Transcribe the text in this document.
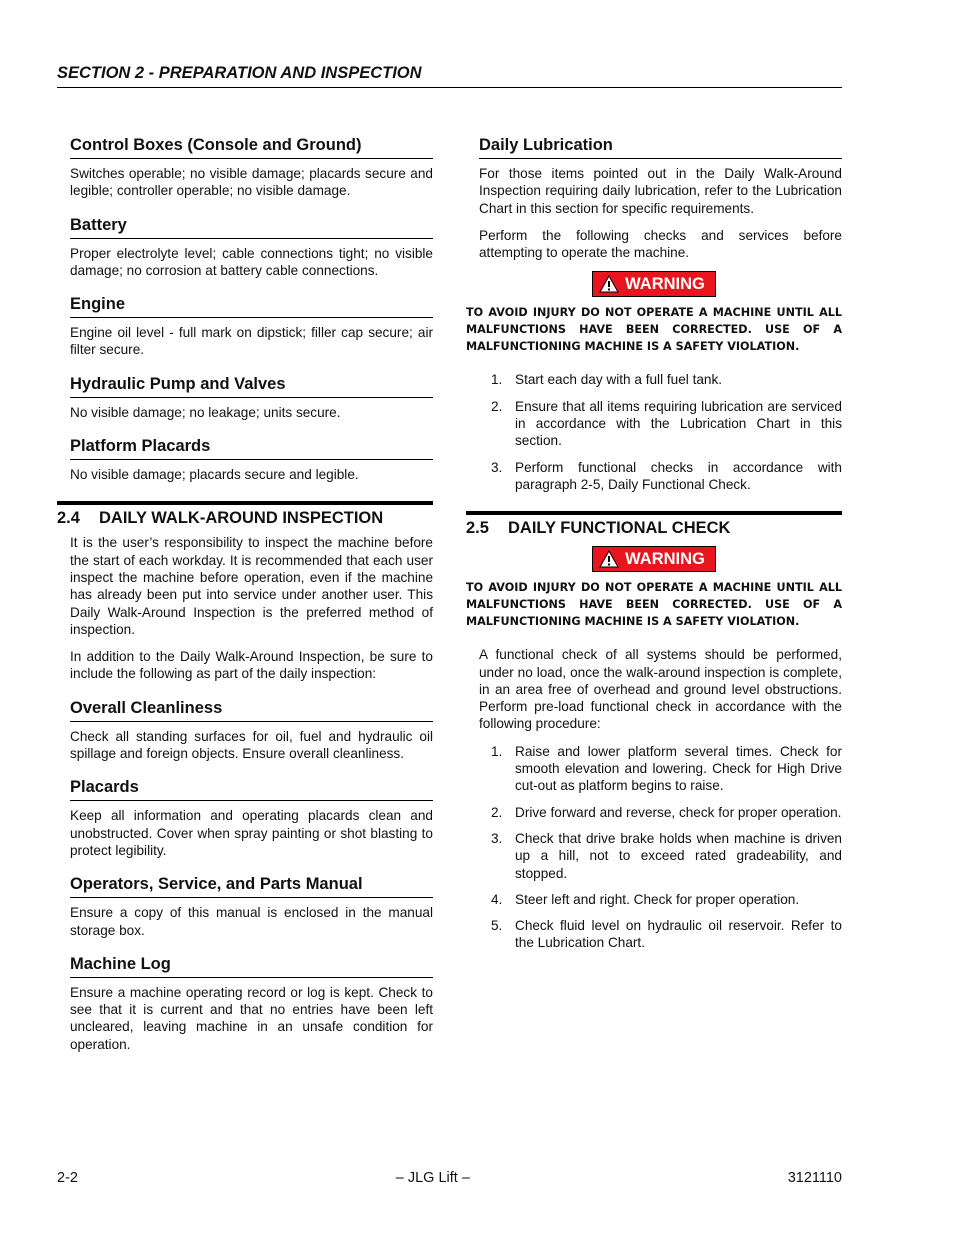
SECTION 2 - PREPARATION AND INSPECTION
Control Boxes (Console and Ground)

Switches operable; no visible damage; placards secure and legible; controller operable; no visible damage.

Battery

Proper electrolyte level; cable connections tight; no visible damage; no corrosion at battery cable connections.

Engine

Engine oil level - full mark on dipstick; filler cap secure; air filter secure.

Hydraulic Pump and Valves

No visible damage; no leakage; units secure.

Platform Placards

No visible damage; placards secure and legible.

2.4	DAILY WALK-AROUND INSPECTION

It is the user’s responsibility to inspect the machine before the start of each workday. It is recommended that each user inspect the machine before operation, even if the machine has already been put into service under another user. This Daily Walk-Around Inspection is the preferred method of inspection.

In addition to the Daily Walk-Around Inspection, be sure to include the following as part of the daily inspection:

Overall Cleanliness

Check all standing surfaces for oil, fuel and hydraulic oil spillage and foreign objects. Ensure overall cleanliness.

Placards

Keep all information and operating placards clean and unobstructed. Cover when spray painting or shot blasting to protect legibility.

Operators, Service, and Parts Manual

Ensure a copy of this manual is enclosed in the manual storage box.

Machine Log

Ensure a machine operating record or log is kept. Check to see that it is current and that no entries have been left uncleared, leaving machine in an unsafe condition for operation.

Daily Lubrication

For those items pointed out in the Daily Walk-Around Inspection requiring daily lubrication, refer to the Lubrication Chart in this section for specific requirements.

Perform the following checks and services before attempting to operate the machine.

WARNING
TO AVOID INJURY DO NOT OPERATE A MACHINE UNTIL ALL MALFUNCTIONS HAVE BEEN CORRECTED. USE OF A MALFUNCTIONING MACHINE IS A SAFETY VIOLATION.
1. Start each day with a full fuel tank.
2. Ensure that all items requiring lubrication are serviced in accordance with the Lubrication Chart in this section.
3. Perform functional checks in accordance with paragraph 2-5, Daily Functional Check.
2.5	DAILY FUNCTIONAL CHECK
WARNING
TO AVOID INJURY DO NOT OPERATE A MACHINE UNTIL ALL MALFUNCTIONS HAVE BEEN CORRECTED. USE OF A MALFUNCTIONING MACHINE IS A SAFETY VIOLATION.

A functional check of all systems should be performed, under no load, once the walk-around inspection is complete, in an area free of overhead and ground level obstructions. Perform pre-load functional check in accordance with the following procedure:

1. Raise and lower platform several times. Check for smooth elevation and lowering. Check for High Drive cut-out as platform begins to raise.
2. Drive forward and reverse, check for proper operation.
3. Check that drive brake holds when machine is driven up a hill, not to exceed rated gradeability, and stopped.
4. Steer left and right. Check for proper operation.
5. Check fluid level on hydraulic oil reservoir. Refer to the Lubrication Chart.
2-2	– JLG Lift –	3121110
